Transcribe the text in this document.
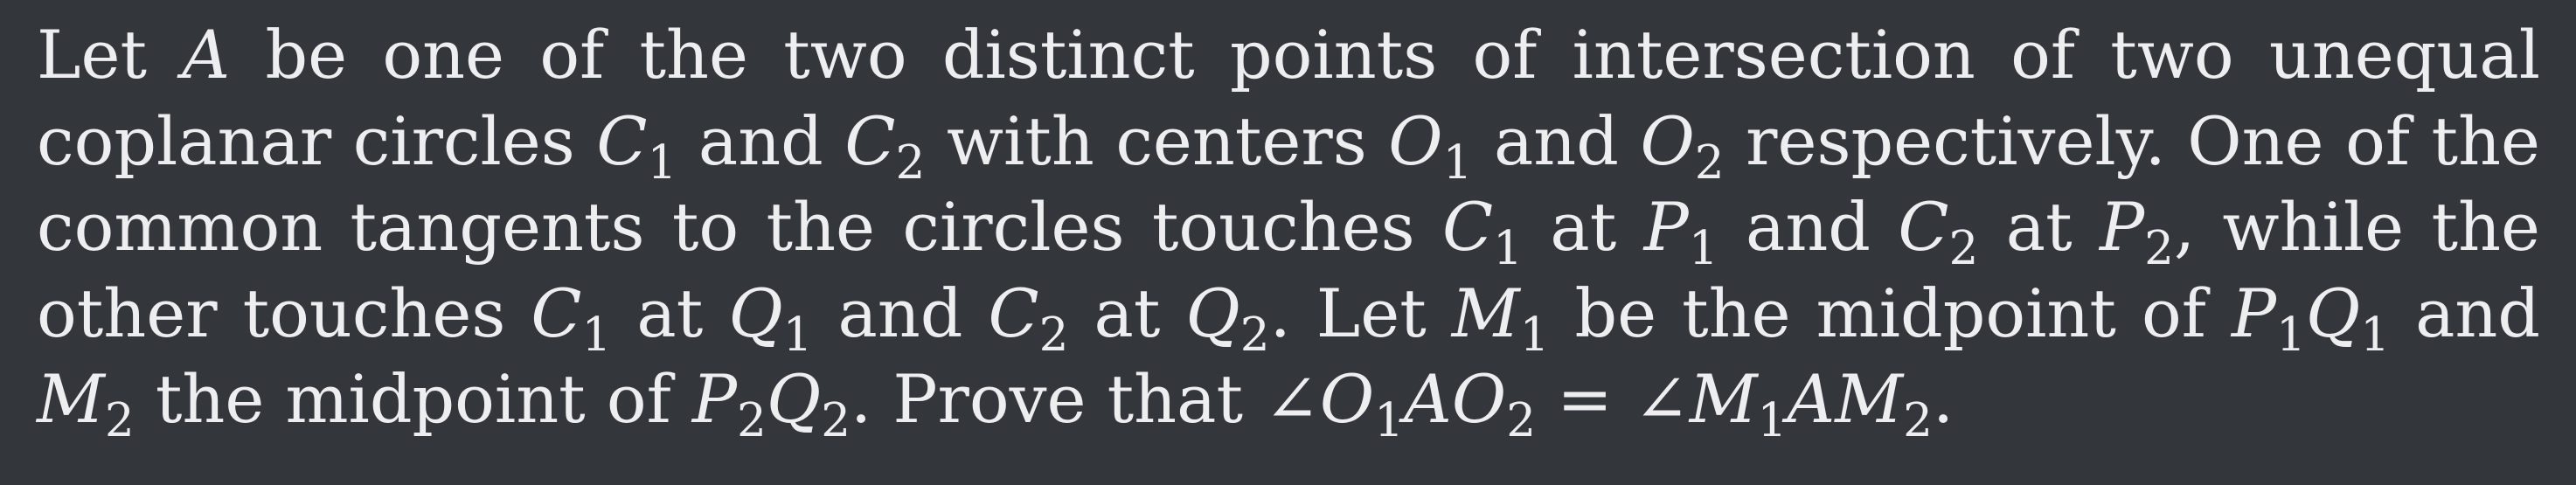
Let A be one of the two distinct points of intersection of two unequal coplanar circles $C_1$ and $C_2$ with centers $O_1$ and $O_2$ respectively. One of the common tangents to the circles touches $C_1$ at $P_1$ and $C_2$ at $P_2$, while the other touches $C_1$ at $Q_1$ and $C_2$ at $Q_2$. Let $M_1$ be the midpoint of $P_1Q_1$ and $M_2$ the midpoint of $P_2Q_2$. Prove that $\angle O_1AO_2$ = $\angle M_1AM_2$.
